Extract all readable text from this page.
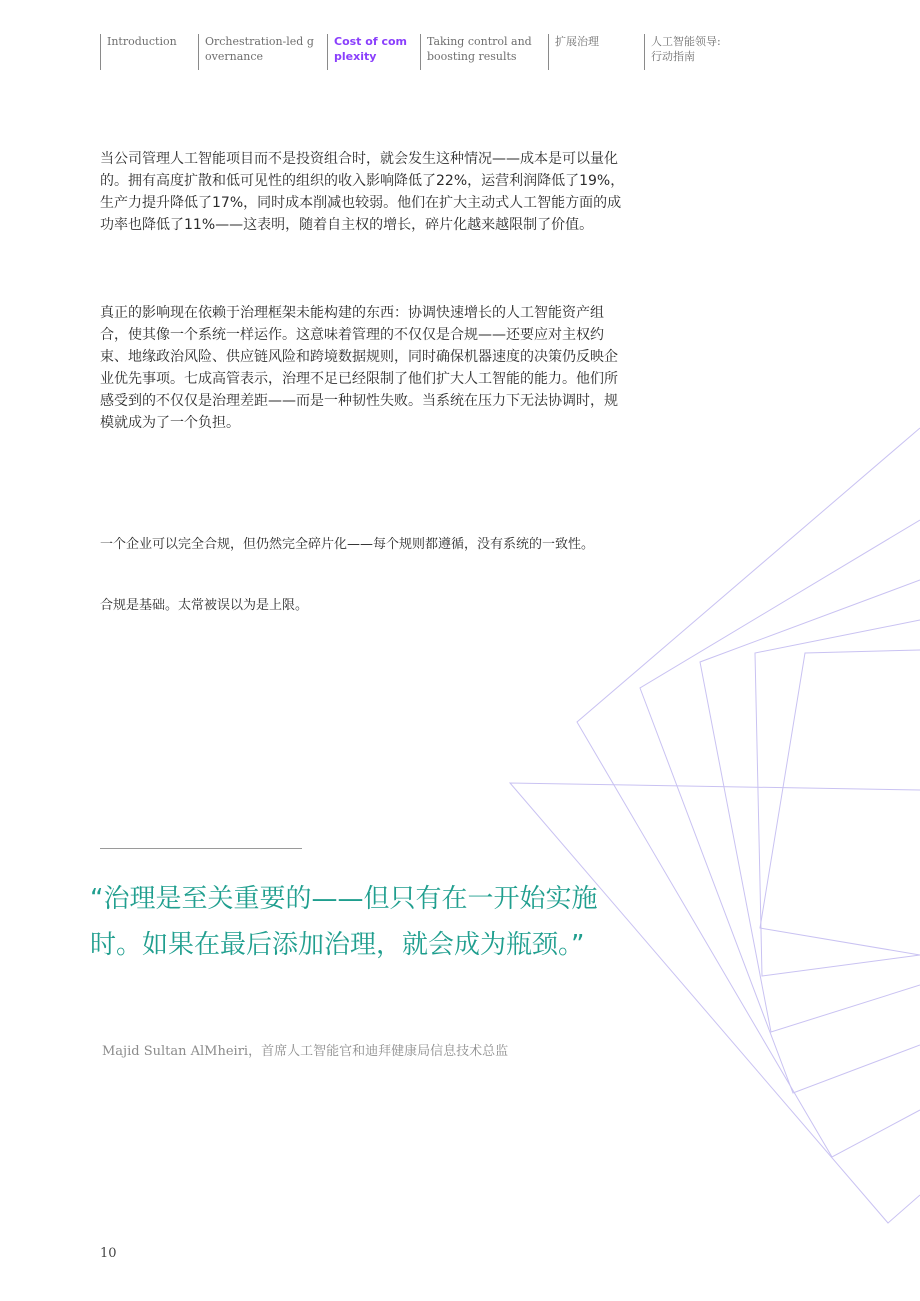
Introduction	Orchestration-led g
overnance
Cost of com
plexity
Taking control and
boosting results
扩展治理	人工智能领导:
行动指南

当公司管理人工智能项目而不是投资组合时，就会发生这种情况——成本是可以量化的。拥有高度扩散和低可见性的组织的收入影响降低了22%，运营利润降低了19%，生产力提升降低了17%，同时成本削减也较弱。他们在扩大主动式人工智能方面的成功率也降低了11%——这表明，随着自主权的增长，碎片化越来越限制了价值。

真正的影响现在依赖于治理框架未能构建的东西：协调快速增长的人工智能资产组合，使其像一个系统一样运作。这意味着管理的不仅仅是合规——还要应对主权约束、地缘政治风险、供应链风险和跨境数据规则，同时确保机器速度的决策仍反映企业优先事项。七成高管表示，治理不足已经限制了他们扩大人工智能的能力。他们所感受到的不仅仅是治理差距——而是一种韧性失败。当系统在压力下无法协调时，规模就成为了一个负担。

一个企业可以完全合规，但仍然完全碎片化——每个规则都遵循，没有系统的一致性。

合规是基础。太常被误以为是上限。

“治理是至关重要的——但只有在一开始实施时。如果在最后添加治理，就会成为瓶颈。”

Majid Sultan AlMheiri，首席人工智能官和迪拜健康局信息技术总监

10
